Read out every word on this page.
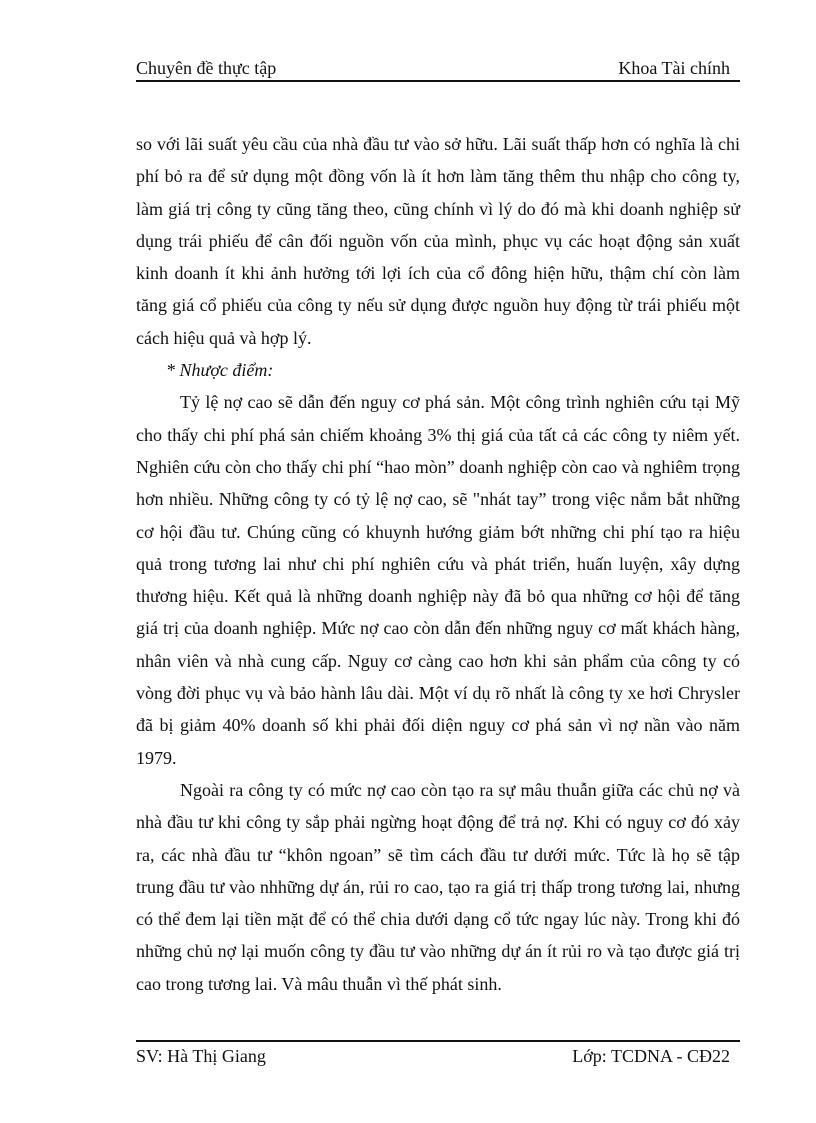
Chuyên đề thực tập	Khoa Tài chính

so với lãi suất yêu cầu của nhà đầu tư vào sở hữu. Lãi suất thấp hơn có nghĩa là chi phí bỏ ra để sử dụng một đồng vốn là ít hơn làm tăng thêm thu nhập cho công ty, làm giá trị công ty cũng tăng theo, cũng chính vì lý do đó mà khi doanh nghiệp sử dụng trái phiếu để cân đối nguồn vốn của mình, phục vụ các hoạt động sản xuất kinh doanh ít khi ảnh hưởng tới lợi ích của cổ đông hiện hữu, thậm chí còn làm tăng giá cổ phiếu của công ty nếu sử dụng được nguồn huy động từ trái phiếu một cách hiệu quả và hợp lý.

* Nhược điểm:

Tỷ lệ nợ cao sẽ dẫn đến nguy cơ phá sản. Một công trình nghiên cứu tại Mỹ cho thấy chi phí phá sản chiếm khoảng 3% thị giá của tất cả các công ty niêm yết. Nghiên cứu còn cho thấy chi phí “hao mòn” doanh nghiệp còn cao và nghiêm trọng hơn nhiều. Những công ty có tỷ lệ nợ cao, sẽ "nhát tay” trong việc nắm bắt những cơ hội đầu tư. Chúng cũng có khuynh hướng giảm bớt những chi phí tạo ra hiệu quả trong tương lai như chi phí nghiên cứu và phát triển, huấn luyện, xây dựng thương hiệu. Kết quả là những doanh nghiệp này đã bỏ qua những cơ hội để tăng giá trị của doanh nghiệp. Mức nợ cao còn dẫn đến những nguy cơ mất khách hàng, nhân viên và nhà cung cấp. Nguy cơ càng cao hơn khi sản phẩm của công ty có vòng đời phục vụ và bảo hành lâu dài. Một ví dụ rõ nhất là công ty xe hơi Chrysler đã bị giảm 40% doanh số khi phải đối diện nguy cơ phá sản vì nợ nần vào năm 1979.

Ngoài ra công ty có mức nợ cao còn tạo ra sự mâu thuẫn giữa các chủ nợ và nhà đầu tư khi công ty sắp phải ngừng hoạt động để trả nợ. Khi có nguy cơ đó xảy ra, các nhà đầu tư “khôn ngoan” sẽ tìm cách đầu tư dưới mức. Tức là họ sẽ tập trung đầu tư vào nhhững dự án, rủi ro cao, tạo ra giá trị thấp trong tương lai, nhưng có thể đem lại tiền mặt để có thể chia dưới dạng cổ tức ngay lúc này. Trong khi đó những chủ nợ lại muốn công ty đầu tư vào những dự án ít rủi ro và tạo được giá trị cao trong tương lai. Và mâu thuẫn vì thế phát sinh.

SV: Hà Thị Giang	Lớp: TCDNA - CĐ22
